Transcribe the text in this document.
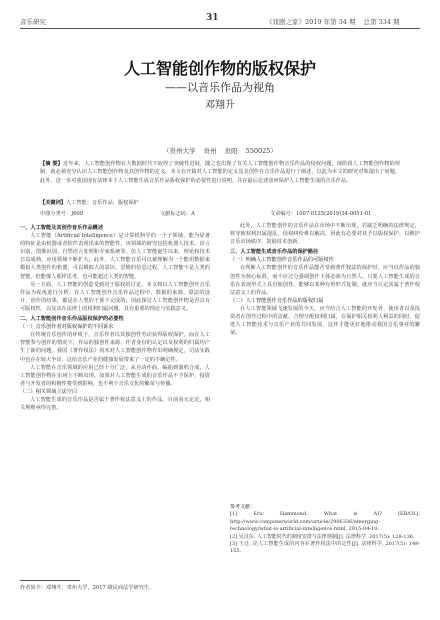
音乐研究	31	《戏剧之家》2019 年第 34 期 总第 334 期
人工智能创作物的版权保护
——以音乐作品为视角
邓翔升
（贵州大学 贵州 贵阳 550025）
【摘 要】近年来，人工智能创作物在大数据时代下取得了突破性进展，随之也出现了有关人工智能创作物音乐作品的侵权问题，现阶段人工智能创作物的规制，就必须充分认识人工智能创作物及其创作物的定义，本文在开篇对人工智能的定义及其创作在音乐作品进行了阐述，以此为本文的研究对象提出了问题，此外，进一步对我国现有法律本下人工智能生成音乐作品版权保护的必要性进行说明，并在最后论述如何保护人工智能生成的音乐作品。
【关键词】人工智能；音乐作品；版权保护
中图分类号：J609	文献标志码：A	文章编号：1007-0125(2019)34-0051-01

一、人工智能及其创作音乐作品概述

人工智能（Artificial Intelligence）是计算机科学的一个子领域，能为显著的特征是由机器或者软件表现出来的智能性，该领域的研究包括机器人技术、语言识别、图像识别、自然语言处理和专家系统等。仿人工智能诞生以来，理论和技术日益成熟，应用领域不断扩大，此外，人工智能音乐可以被理解为一个能用数据来模拟人类创作的机器，可以模拟人的意识、思维的信息过程，人工智能不是人类的智能，但能像人那样思考，也可能超过人类的智能。

另一方面，人工智能的创造受到对于版权的讨论，本文将以人工智能创作音乐作品为视角进行分析。在人工智能创作音乐作品过程中，数据的来源、算法的设计、创作的结果，都是在人类的干预下完成的，因此探讨人工智能创作物是否具有可版权性，以及其在法律上的权利归属问题，具有重要的理论与实践意义。

二、人工智能创作音乐作品版权保护的必要性

（一）音乐创作者对版权保护的不同诉求

在传统音乐创作的环境下，音乐作者以其独创性劳动获得版权保护，而在人工智能参与创作的情况下，作品的独创性来源、作者身份的认定以及权利的归属均产生了新的问题。我国《著作权法》尚未对人工智能创作物作出明确规定，司法实践中也存在较大争议，这给音乐产业的健康发展带来了一定的不确定性。

人工智能在音乐领域的应用已经十分广泛，从自动作曲、编曲到演唱合成，人工智能创作物在市场上不断出现。如果对人工智能生成的音乐作品不予保护，投资者与开发者的积极性将受到影响，也不利于音乐文化的繁荣与传播。

（二）相关领域立法空白

人工智能生成的音乐作品是否属于著作权法意义上的作品，目前尚无定论，相关规则亟待完善。

此外，人工智能创作的音乐作品在市场中不断出现，若缺乏明确的法律规定，将导致权利归属混乱，侵权纠纷难以解决，因此有必要对其予以版权保护，以维护音乐市场秩序，鼓励技术创新。

三、人工智能生成音乐作品的保护路径

（一）明确人工智能创作音乐作品的可版权性

在判断人工智能创作的音乐作品能否受到著作权法的保护时，应当以作品的独创性为核心标准，而不应过分强调创作主体必须为自然人。只要人工智能生成的音乐在表现形式上具有独创性，能够以某种有形形式复制，就应当认定其属于著作权法意义上的作品。

（二）人工智能创作音乐作品的版权归属

在人工智能领域飞速发展的今天，应当结合人工智能的开发者、使用者以及投资者在创作过程中的贡献，合理分配权利归属，在保护相关权利人利益的同时，促进人工智能技术与音乐产业的共同发展，这样才能更好地推动我国音乐事业的繁荣。

参考文献：

[1] Eric Hammond. What is AI? [EB/OL]. http://www.computerworld.com/article/2906336/emerging-technology/what-is-artificial-intelligence.html, 2015-04-10.

[2] 吴汉东. 人工智能时代的制度安排与法律规制[J]. 法律科学, 2017(5): 128-136.

[3] 王迁. 论人工智能生成的内容在著作权法中的定性[J]. 法律科学, 2017(5): 148-155.

作者简介：邓翔升，贵州大学，2017 级民商法学研究生。
